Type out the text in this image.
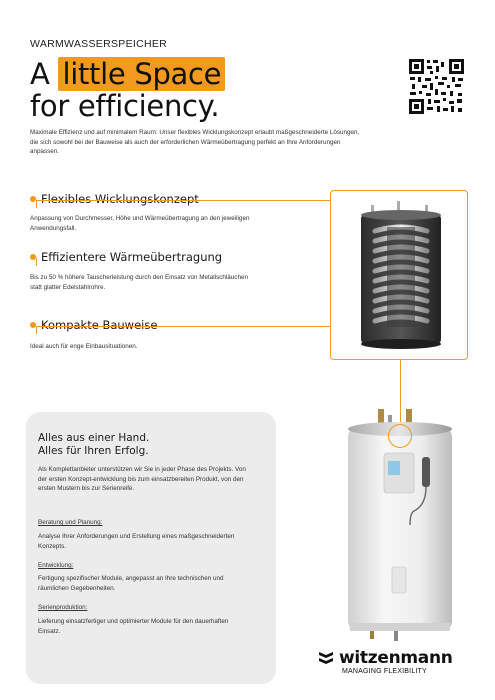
WARMWASSERSPEICHER
A little Space
for efficiency.

Maximale Effizienz und auf minimalem Raum: Unser flexibles Wicklungskonzept erlaubt maßgeschneiderte Lösungen, die sich sowohl bei der Bauweise als auch der erforderlichen Wärmeübertragung perfekt an Ihre Anforderungen anpassen.

Flexibles Wicklungskonzept

Anpassung von Durchmesser, Höhe und Wärmeübertragung an den jeweiligen Anwendungsfall.

Effizientere Wärmeübertragung

Bis zu 50 % höhere Tauscherleistung durch den Einsatz von Metallschläuchen statt glatter Edelstahlrohre.

Kompakte Bauweise

Ideal auch für enge Einbausituationen.

Alles aus einer Hand.
Alles für Ihren Erfolg.

Als Komplettanbieter unterstützen wir Sie in jeder Phase des Projekts. Von der ersten Konzept-entwicklung bis zum einsatzbereiten Produkt, von den ersten Mustern bis zur Serienreife.

Beratung und Planung:

Analyse Ihrer Anforderungen und Erstellung eines maßgeschneiderten Konzepts.

Entwicklung:

Fertigung spezifischer Module, angepasst an Ihre technischen und räumlichen Gegebenheiten.

Serienproduktion:

Lieferung einsatzfertiger und optimierter Module für den dauerhaften Einsatz.

witzenmann
MANAGING FLEXIBILITY
